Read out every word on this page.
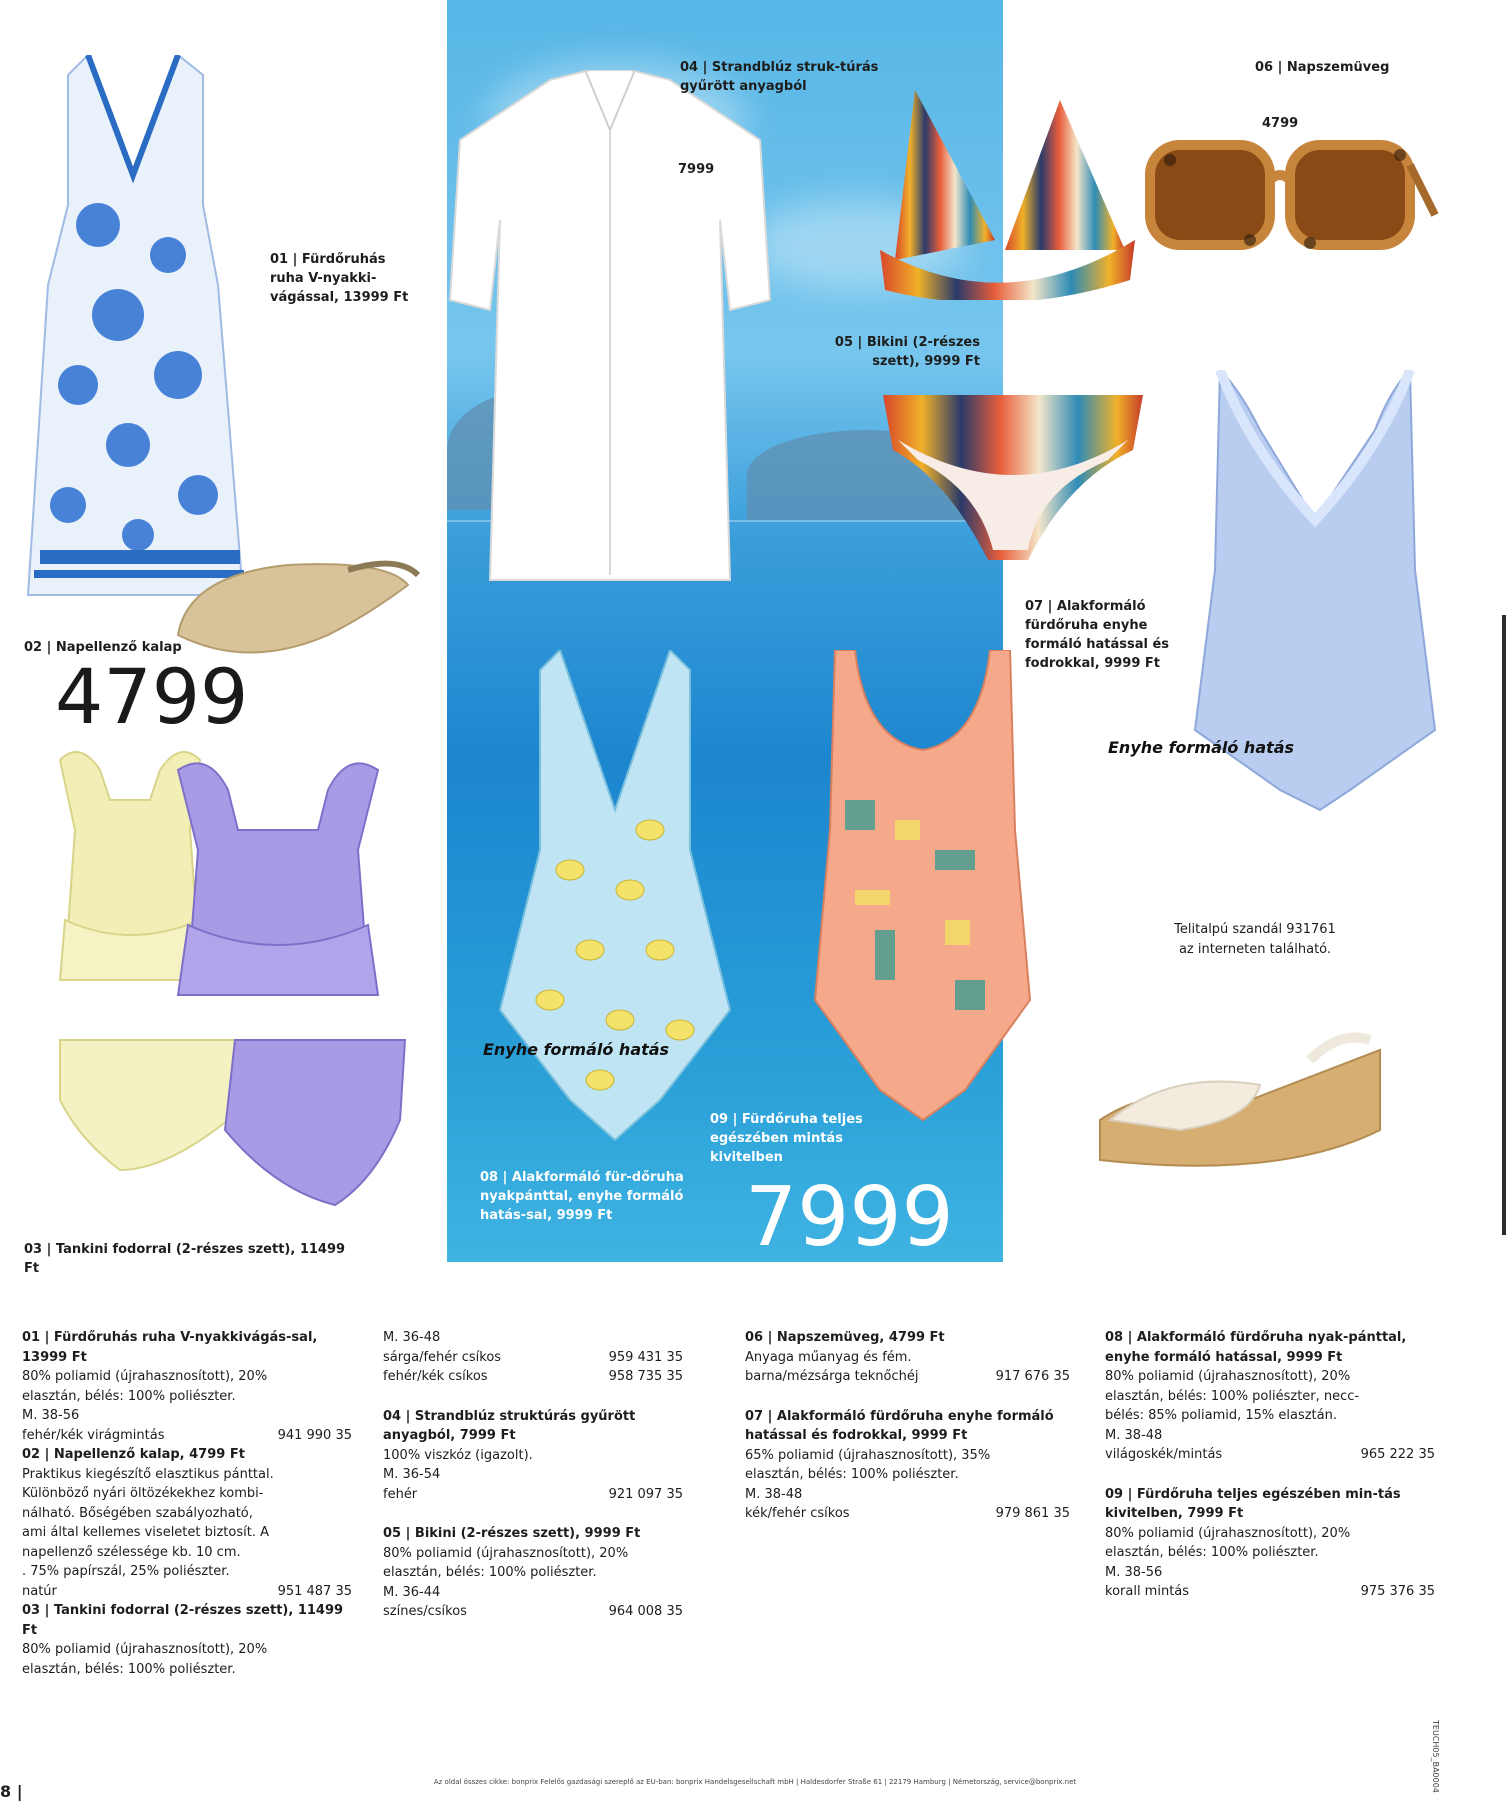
01 | Fürdőruhás ruha V-nyakki-vágással, 13999 Ft
02 | Napellenző kalap
4799
03 | Tankini fodorral (2-részes szett), 11499 Ft
04 | Strandblúz struk-túrás gyűrött anyagból
7999
05 | Bikini (2-részes szett), 9999 Ft
06 | Napszemüveg
4799
07 | Alakformáló fürdőruha enyhe formáló hatással és fodrokkal, 9999 Ft
Enyhe formáló hatás
Enyhe formáló hatás
08 | Alakformáló für-dőruha nyakpánttal, enyhe formáló hatás-sal, 9999 Ft
09 | Fürdőruha teljes egészében mintás kivitelben
7999
Telitalpú szandál 931761
az interneten található.
01 | Fürdőruhás ruha V-nyakkivágás-sal, 13999 Ft
80% poliamid (újrahasznosított), 20%
elasztán, bélés: 100% poliészter.
M. 38-56
fehér/kék virágmintás	941 990 35
02 | Napellenző kalap, 4799 Ft
Praktikus kiegészítő elasztikus pánttal.
Különböző nyári öltözékekhez kombi-
nálható. Bőségében szabályozható,
ami által kellemes viseletet biztosít. A
napellenző szélessége kb. 10 cm.
. 75% papírszál, 25% poliészter.
natúr	951 487 35
03 | Tankini fodorral (2-részes szett), 11499 Ft
80% poliamid (újrahasznosított), 20%
elasztán, bélés: 100% poliészter.
M. 36-48
sárga/fehér csíkos	959 431 35
fehér/kék csíkos	958 735 35
04 | Strandblúz struktúrás gyűrött anyagból, 7999 Ft
100% viszkóz (igazolt).
M. 36-54
fehér	921 097 35
05 | Bikini (2-részes szett), 9999 Ft
80% poliamid (újrahasznosított), 20%
elasztán, bélés: 100% poliészter.
M. 36-44
színes/csíkos	964 008 35
06 | Napszemüveg, 4799 Ft
Anyaga műanyag és fém.
barna/mézsárga teknőchéj	917 676 35
07 | Alakformáló fürdőruha enyhe formáló hatással és fodrokkal, 9999 Ft
65% poliamid (újrahasznosított), 35%
elasztán, bélés: 100% poliészter.
M. 38-48
kék/fehér csíkos	979 861 35
08 | Alakformáló fürdőruha nyak-pánttal, enyhe formáló hatással, 9999 Ft
80% poliamid (újrahasznosított), 20%
elasztán, bélés: 100% poliészter, necc-
bélés: 85% poliamid, 15% elasztán.
M. 38-48
világoskék/mintás	965 222 35
09 | Fürdőruha teljes egészében min-tás kivitelben, 7999 Ft
80% poliamid (újrahasznosított), 20%
elasztán, bélés: 100% poliészter.
M. 38-56
korall mintás	975 376 35
Az oldal összes cikke: bonprix Felelős gazdasági szereplő az EU-ban: bonprix Handelsgesellschaft mbH | Haldesdorfer Straße 61 | 22179 Hamburg | Németország, service@bonprix.net
8 |	TEUCH05_BA0004
